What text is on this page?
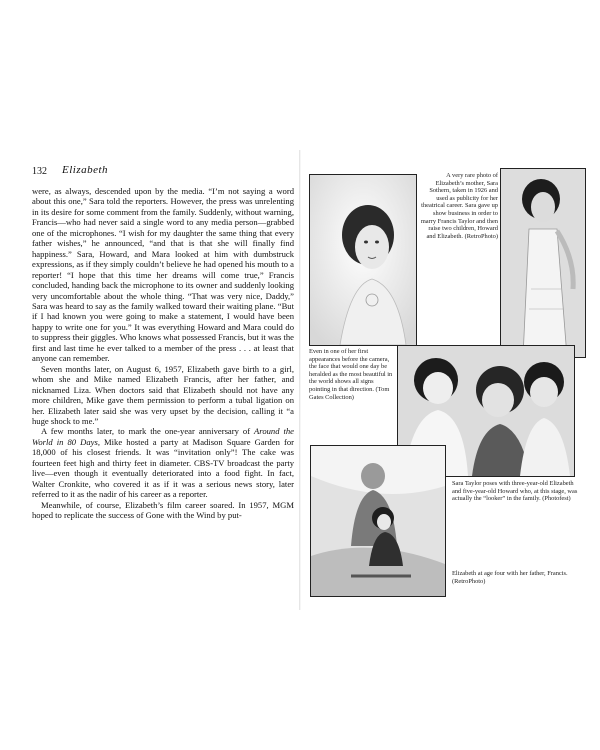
132 Elizabeth

were, as always, descended upon by the media. “I’m not saying a word about this one,” Sara told the reporters. However, the press was unrelenting in its desire for some comment from the family. Suddenly, without warning, Francis—who had never said a single word to any media person—grabbed one of the microphones. “I wish for my daughter the same thing that every father wishes,” he announced, “and that is that she will finally find happiness.” Sara, Howard, and Mara looked at him with dumbstruck expressions, as if they simply couldn’t believe he had opened his mouth to a reporter! “I hope that this time her dreams will come true,” Francis concluded, handing back the microphone to its owner and suddenly looking very uncomfortable about the whole thing. “That was very nice, Daddy,” Sara was heard to say as the family walked toward their waiting plane. “But if I had known you were going to make a statement, I would have been happy to write one for you.” It was everything Howard and Mara could do to suppress their giggles. Who knows what possessed Francis, but it was the first and last time he ever talked to a member of the press . . . at least that anyone can remember.

Seven months later, on August 6, 1957, Elizabeth gave birth to a girl, whom she and Mike named Elizabeth Francis, after her father, and nicknamed Liza. When doctors said that Elizabeth should not have any more children, Mike gave them permission to perform a tubal ligation on her. Elizabeth later said she was very upset by the decision, calling it “a huge shock to me.”

A few months later, to mark the one-year anniversary of Around the World in 80 Days, Mike hosted a party at Madison Square Garden for 18,000 of his closest friends. It was “invitation only”! The cake was fourteen feet high and thirty feet in diameter. CBS-TV broadcast the party live—even though it eventually deteriorated into a food fight. In fact, Walter Cronkite, who covered it as if it was a serious news story, later referred to it as the nadir of his career as a reporter.

Meanwhile, of course, Elizabeth’s film career soared. In 1957, MGM hoped to replicate the success of Gone with the Wind by put-

A very rare photo of Elizabeth’s mother, Sara Sothern, taken in 1926 and used as publicity for her theatrical career. Sara gave up show business in order to marry Francis Taylor and then raise two children, Howard and Elizabeth. (RetroPhoto)
Even in one of her first appearances before the camera, the face that would one day be heralded as the most beautiful in the world shows all signs pointing in that direction. (Tom Gates Collection)
Sara Taylor poses with three-year-old Elizabeth and five-year-old Howard who, at this stage, was actually the “looker” in the family. (Photofest)
Elizabeth at age four with her father, Francis. (RetroPhoto)
